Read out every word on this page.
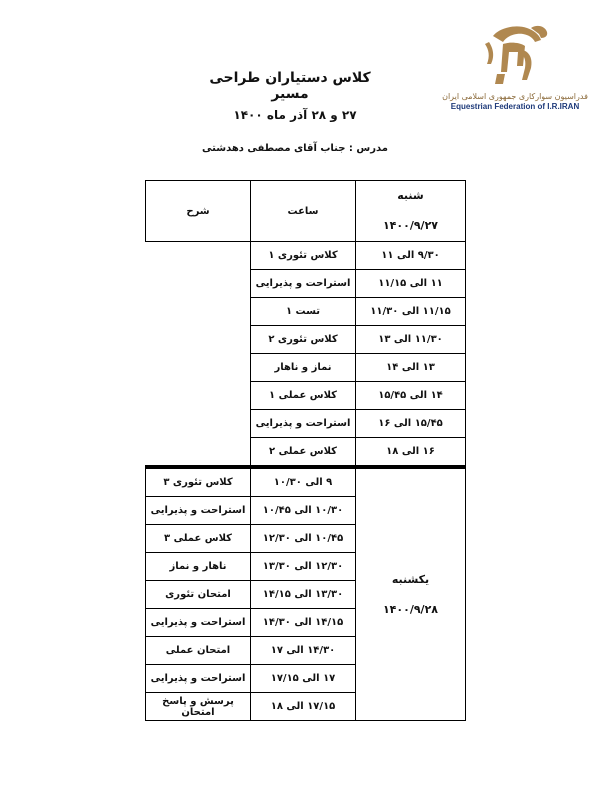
فدراسیون سوارکاری جمهوری اسلامی ایران
Equestrian Federation of I.R.IRAN
کلاس دستیاران طراحی مسیر
۲۷ و ۲۸ آذر ماه ۱۴۰۰
مدرس : جناب آقای مصطفی دهدشتی
شنبه
۱۴۰۰/۹/۲۷	ساعت	شرح
۹/۳۰ الی ۱۱	کلاس تئوری ۱	
۱۱ الی ۱۱/۱۵	استراحت و پذیرایی	
۱۱/۱۵ الی ۱۱/۳۰	تست ۱	
۱۱/۳۰ الی ۱۳	کلاس تئوری ۲	
۱۳ الی ۱۴	نماز و ناهار	
۱۴ الی ۱۵/۴۵	کلاس عملی ۱	
۱۵/۴۵ الی ۱۶	استراحت و پذیرایی	
۱۶ الی ۱۸	کلاس عملی ۲	

یکشنبه
۱۴۰۰/۹/۲۸	۹ الی ۱۰/۳۰	کلاس تئوری ۳
	۱۰/۳۰ الی ۱۰/۴۵	استراحت و پذیرایی
	۱۰/۴۵ الی ۱۲/۳۰	کلاس عملی ۳
	۱۲/۳۰ الی ۱۳/۳۰	ناهار و نماز
	۱۳/۳۰ الی ۱۴/۱۵	امتحان تئوری
	۱۴/۱۵ الی ۱۴/۳۰	استراحت و پذیرایی
	۱۴/۳۰ الی ۱۷	امتحان عملی
	۱۷ الی ۱۷/۱۵	استراحت و پذیرایی
	۱۷/۱۵ الی ۱۸	پرسش و پاسخ امتحان
